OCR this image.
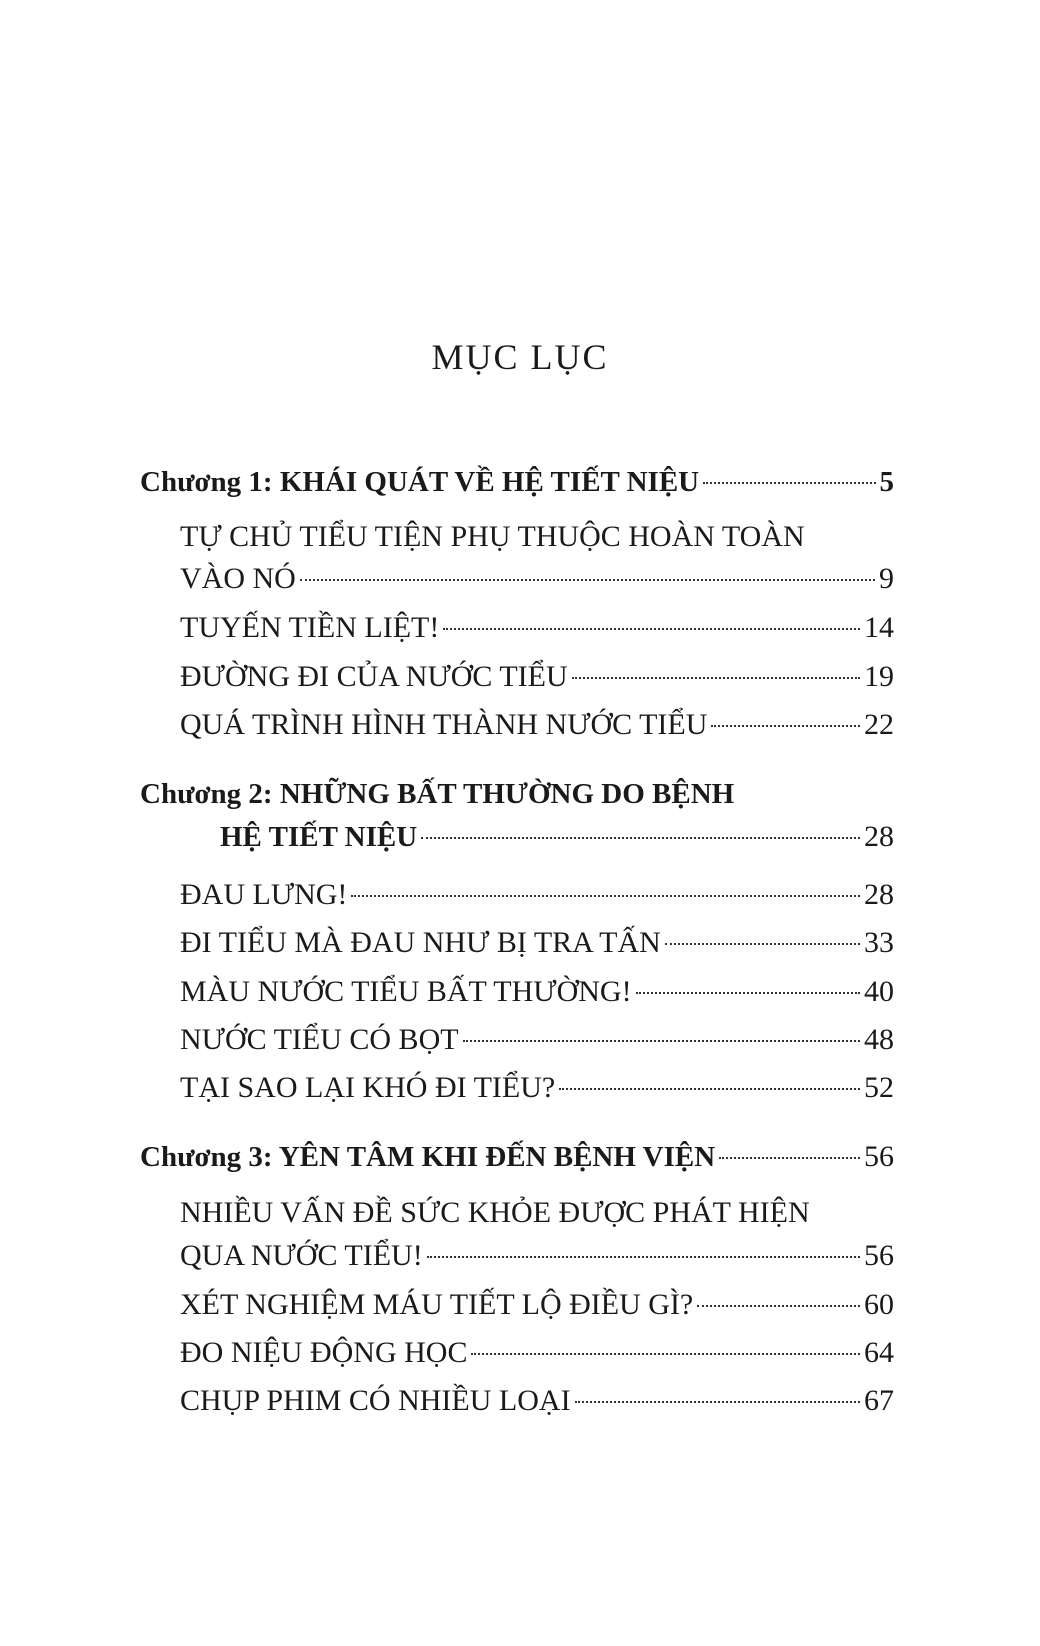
MỤC LỤC
Chương 1: KHÁI QUÁT VỀ HỆ TIẾT NIỆU	5
TỰ CHỦ TIỂU TIỆN PHỤ THUỘC HOÀN TOÀN
VÀO NÓ	9
TUYẾN TIỀN LIỆT!	14
ĐƯỜNG ĐI CỦA NƯỚC TIỂU	19
QUÁ TRÌNH HÌNH THÀNH NƯỚC TIỂU	22
Chương 2: NHỮNG BẤT THƯỜNG DO BỆNH
HỆ TIẾT NIỆU	28
ĐAU LƯNG!	28
ĐI TIỂU MÀ ĐAU NHƯ BỊ TRA TẤN	33
MÀU NƯỚC TIỂU BẤT THƯỜNG!	40
NƯỚC TIỂU CÓ BỌT	48
TẠI SAO LẠI KHÓ ĐI TIỂU?	52
Chương 3: YÊN TÂM KHI ĐẾN BỆNH VIỆN	56
NHIỀU VẤN ĐỀ SỨC KHỎE ĐƯỢC PHÁT HIỆN
QUA NƯỚC TIỂU!	56
XÉT NGHIỆM MÁU TIẾT LỘ ĐIỀU GÌ?	60
ĐO NIỆU ĐỘNG HỌC	64
CHỤP PHIM CÓ NHIỀU LOẠI	67
